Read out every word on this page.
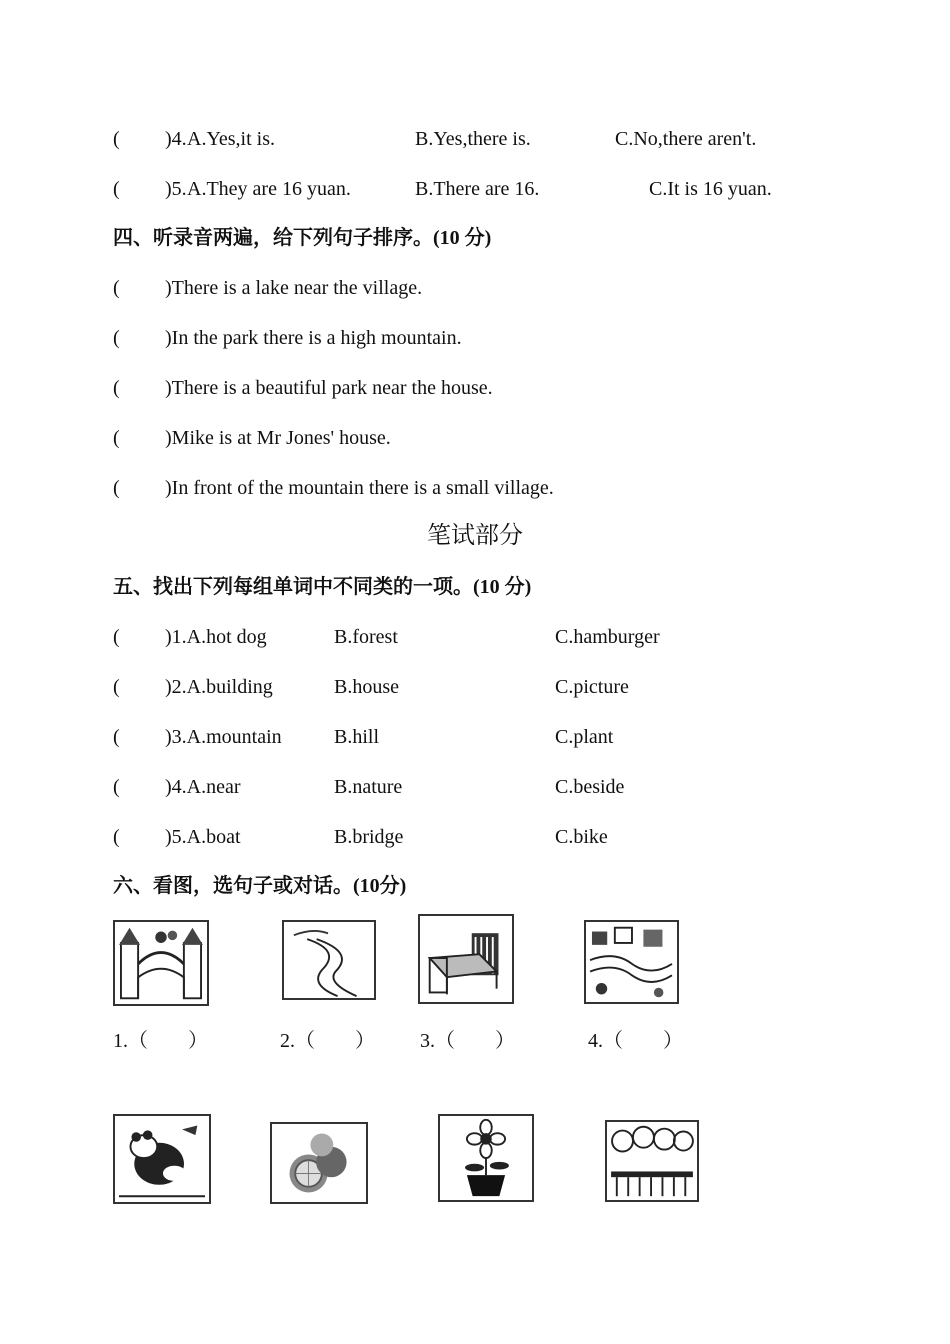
( )4. A.Yes,it is.	B.Yes,there is.	C.No,there aren't.
( )5. A.They are 16 yuan.	B.There are 16.	C.It is 16 yuan.
四、听录音两遍，给下列句子排序。(10 分)
( )There is a lake near the village.
( )In the park there is a high mountain.
( )There is a beautiful park near the house.
( )Mike is at Mr Jones' house.
( )In front of the mountain there is a small village.
笔试部分
五、找出下列每组单词中不同类的一项。(10 分)
( )1.A.hot dog	B.forest	C.hamburger
( )2.A.building	B.house	C.picture
( )3.A.mountain	B.hill	C.plant
( )4.A.near	B.nature	C.beside
( )5.A.boat	B.bridge	C.bike
六、看图，选句子或对话。(10分)
1.（　　）	2.（　　） 3.（　　）	4.（　　）
